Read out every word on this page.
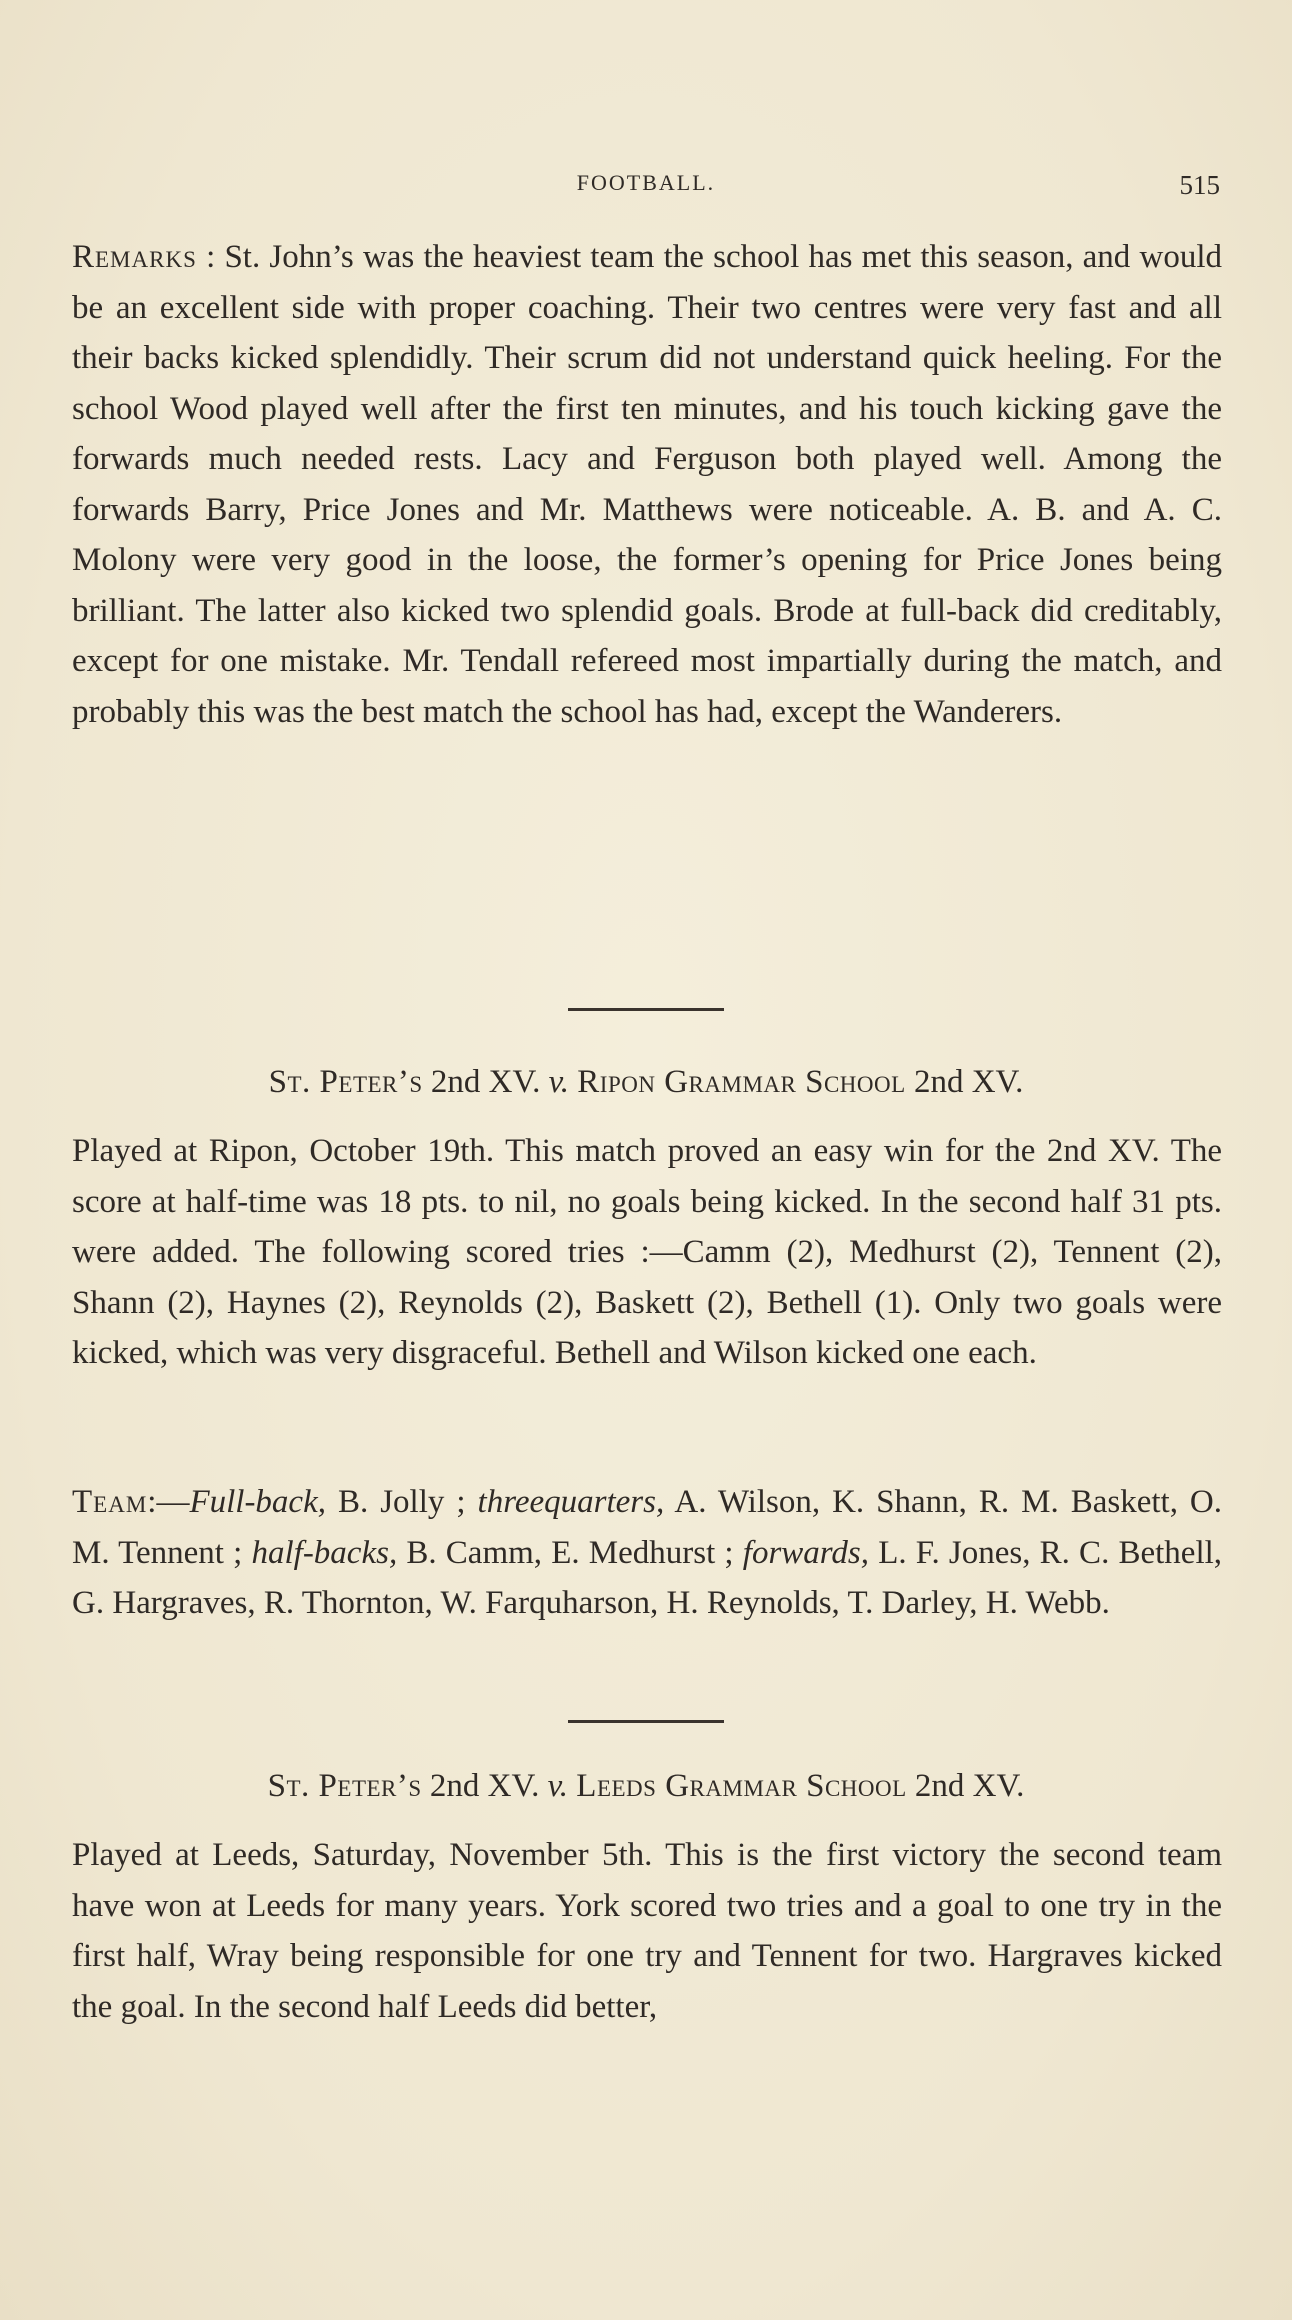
FOOTBALL.	515

Remarks : St. John’s was the heaviest team the school has met this season, and would be an excellent side with proper coaching. Their two centres were very fast and all their backs kicked splendidly. Their scrum did not understand quick heeling. For the school Wood played well after the first ten minutes, and his touch kicking gave the forwards much needed rests. Lacy and Ferguson both played well. Among the forwards Barry, Price Jones and Mr. Matthews were noticeable. A. B. and A. C. Molony were very good in the loose, the former’s opening for Price Jones being brilliant. The latter also kicked two splendid goals. Brode at full-back did creditably, except for one mistake. Mr. Tendall refereed most impartially during the match, and probably this was the best match the school has had, except the Wanderers.

St. Peter’s 2nd XV. v. Ripon Grammar School 2nd XV.

Played at Ripon, October 19th. This match proved an easy win for the 2nd XV. The score at half-time was 18 pts. to nil, no goals being kicked. In the second half 31 pts. were added. The following scored tries :—Camm (2), Medhurst (2), Tennent (2), Shann (2), Haynes (2), Reynolds (2), Baskett (2), Bethell (1). Only two goals were kicked, which was very disgraceful. Bethell and Wilson kicked one each.

Team:—Full-back, B. Jolly ; threequarters, A. Wilson, K. Shann, R. M. Baskett, O. M. Tennent ; half-backs, B. Camm, E. Medhurst ; forwards, L. F. Jones, R. C. Bethell, G. Hargraves, R. Thornton, W. Farquharson, H. Reynolds, T. Darley, H. Webb.

St. Peter’s 2nd XV. v. Leeds Grammar School 2nd XV.

Played at Leeds, Saturday, November 5th. This is the first victory the second team have won at Leeds for many years. York scored two tries and a goal to one try in the first half, Wray being responsible for one try and Tennent for two. Hargraves kicked the goal. In the second half Leeds did better,
